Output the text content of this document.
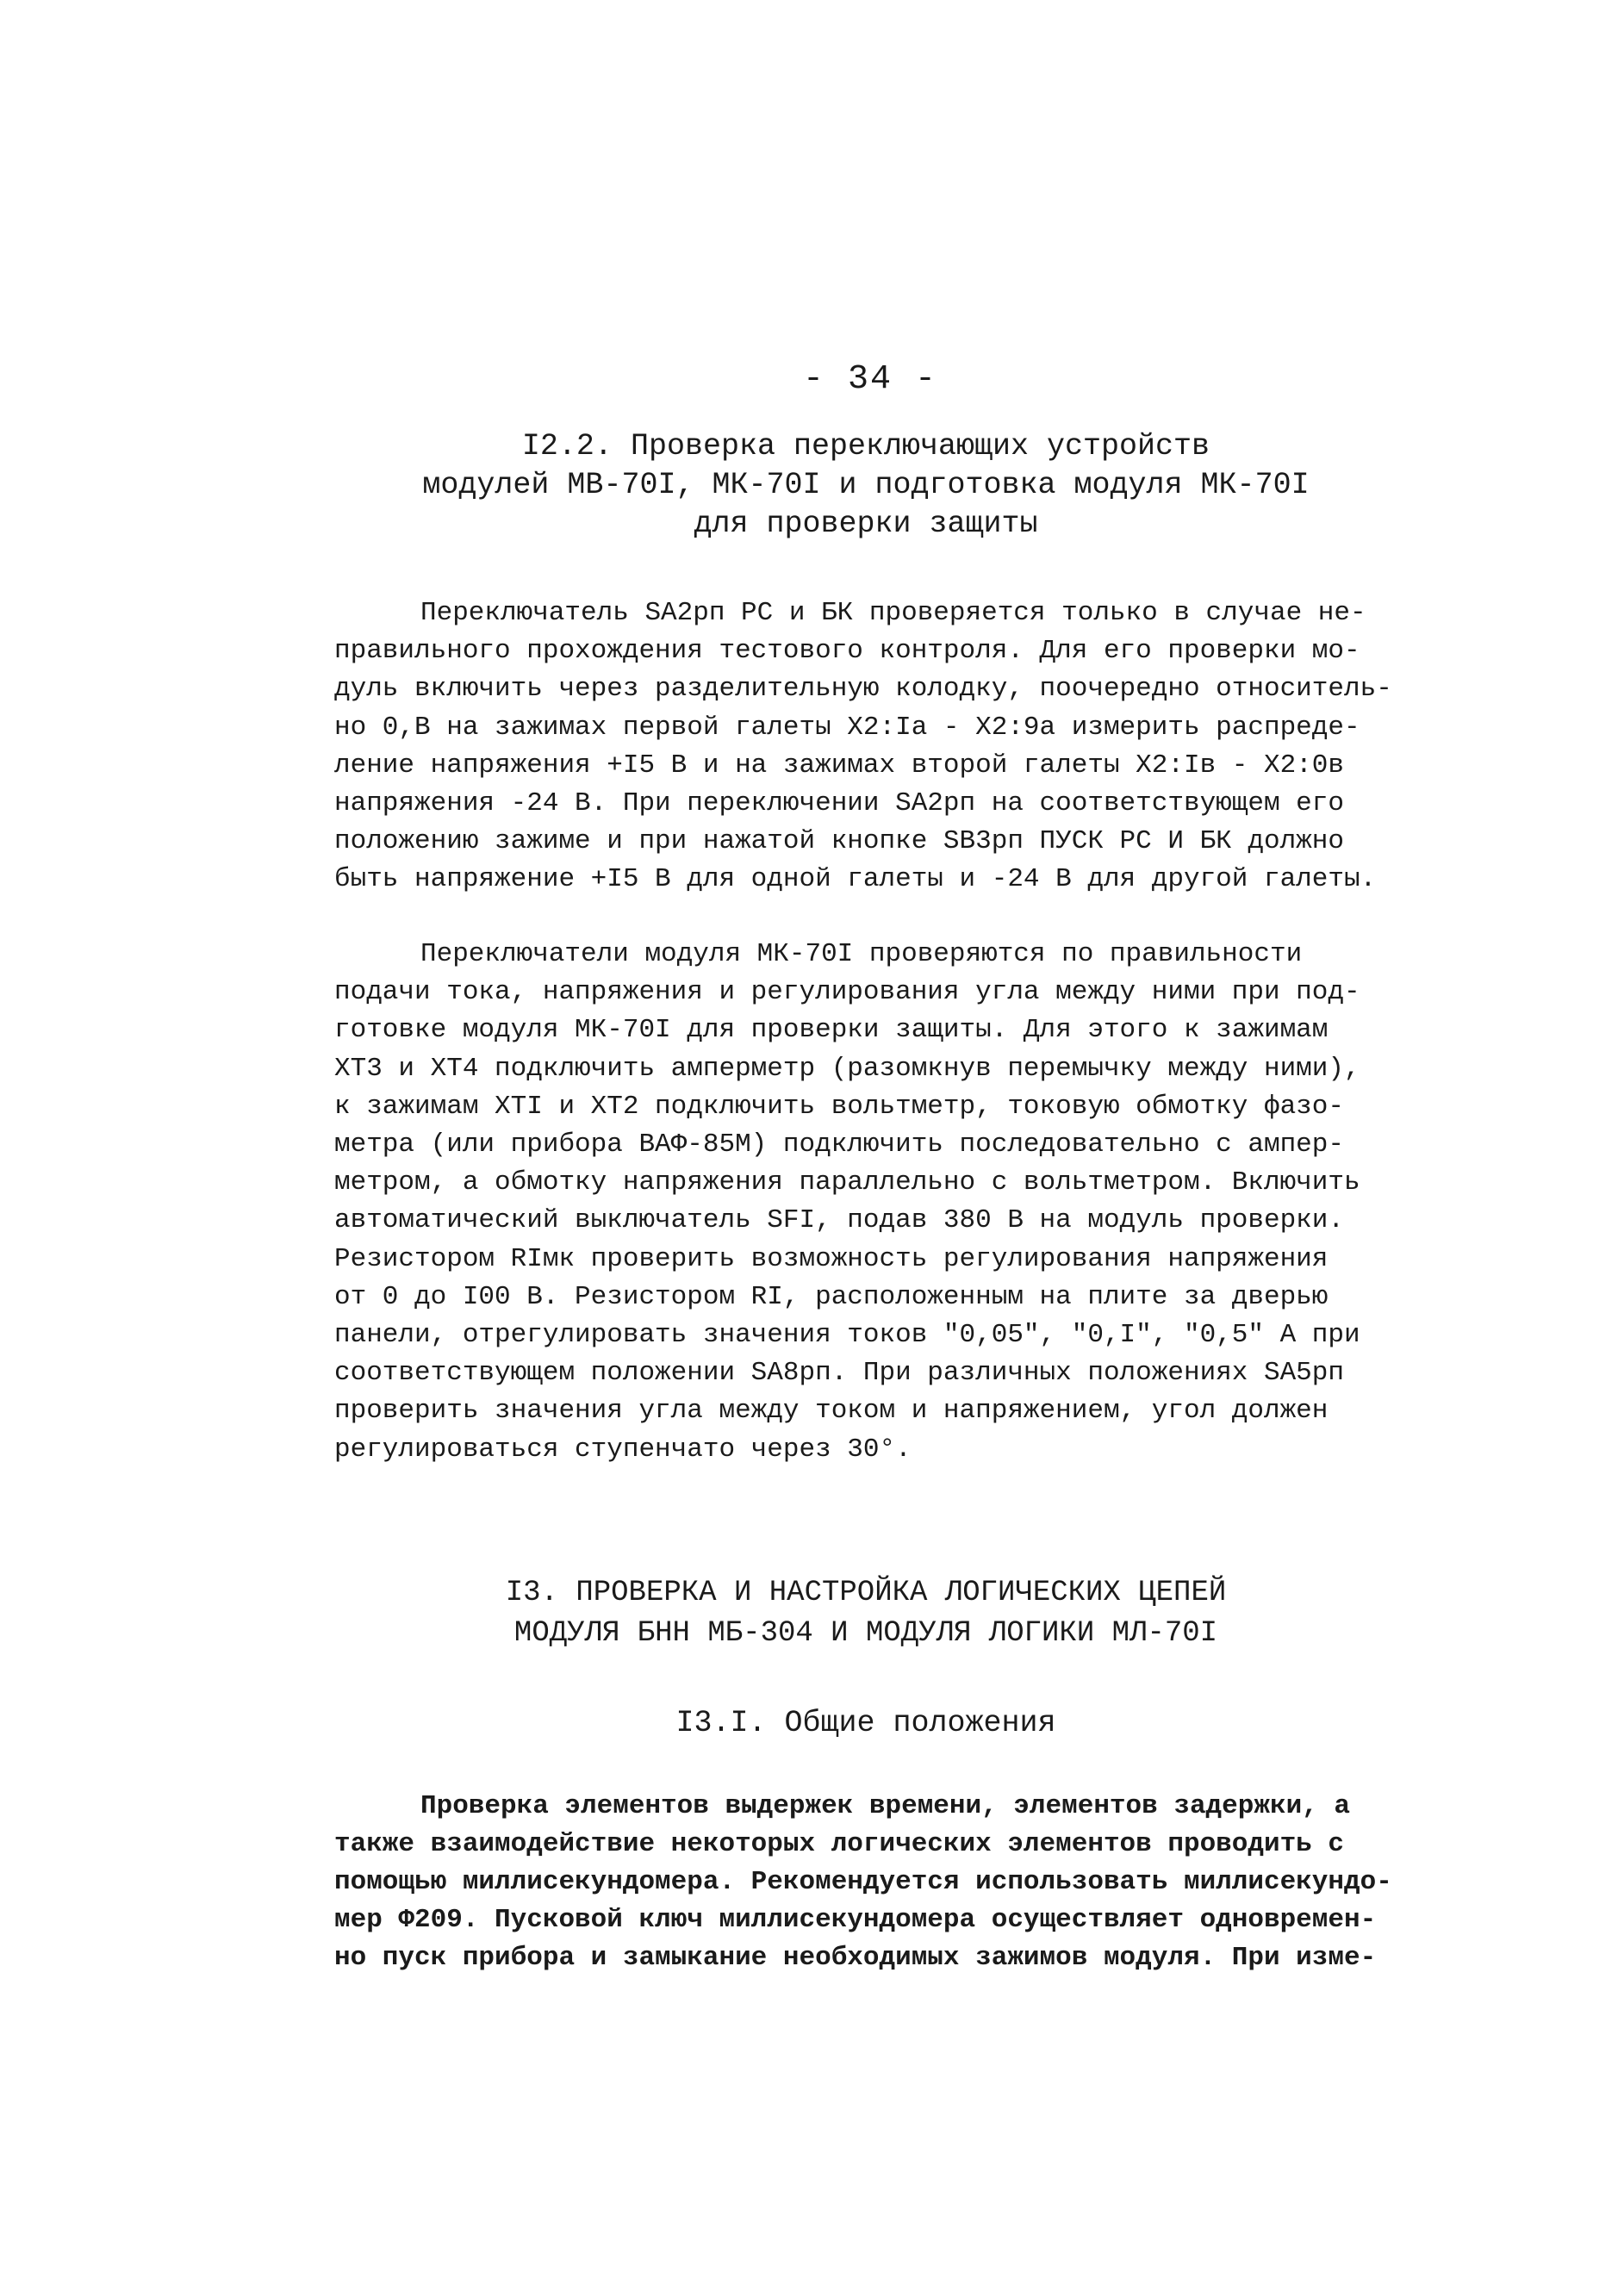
- 34 -
I2.2. Проверка переключающих устройств
модулей МВ-70I, МК-70I и подготовка модуля МК-70I
для проверки защиты
Переключатель SA2рп РС и БК проверяется только в случае не-
правильного прохождения тестового контроля. Для его проверки мо-
дуль включить через разделительную колодку, поочередно относитель-
но 0,В на зажимах первой галеты Х2:Iа - Х2:9а измерить распреде-
ление напряжения +I5 В и на зажимах второй галеты Х2:Iв - Х2:0в
напряжения -24 В. При переключении SA2рп на соответствующем его
положению зажиме и при нажатой кнопке SB3рп ПУСК РС И БК должно
быть напряжение +I5 В для одной галеты и -24 В для другой галеты.
Переключатели модуля МК-70I проверяются по правильности
подачи тока, напряжения и регулирования угла между ними при под-
готовке модуля МК-70I для проверки защиты. Для этого к зажимам
ХТ3 и ХТ4 подключить амперметр (разомкнув перемычку между ними),
к зажимам ХТI и ХТ2 подключить вольтметр, токовую обмотку фазо-
метра (или прибора ВАФ-85М) подключить последовательно с ампер-
метром, а обмотку напряжения параллельно с вольтметром. Включить
автоматический выключатель SFI, подав 380 В на модуль проверки.
Резистором RIмк проверить возможность регулирования напряжения
от 0 до I00 В. Резистором RI, расположенным на плите за дверью
панели, отрегулировать значения токов "0,05", "0,I", "0,5" А при
соответствующем положении SA8рп. При различных положениях SA5рп
проверить значения угла между током и напряжением, угол должен
регулироваться ступенчато через 30°.
I3. ПРОВЕРКА И НАСТРОЙКА ЛОГИЧЕСКИХ ЦЕПЕЙ
МОДУЛЯ БНН МБ-304 И МОДУЛЯ ЛОГИКИ МЛ-70I
I3.I. Общие положения
Проверка элементов выдержек времени, элементов задержки, а
также взаимодействие некоторых логических элементов проводить с
помощью миллисекундомера. Рекомендуется использовать миллисекундо-
мер Ф209. Пусковой ключ миллисекундомера осуществляет одновремен-
но пуск прибора и замыкание необходимых зажимов модуля. При изме-
